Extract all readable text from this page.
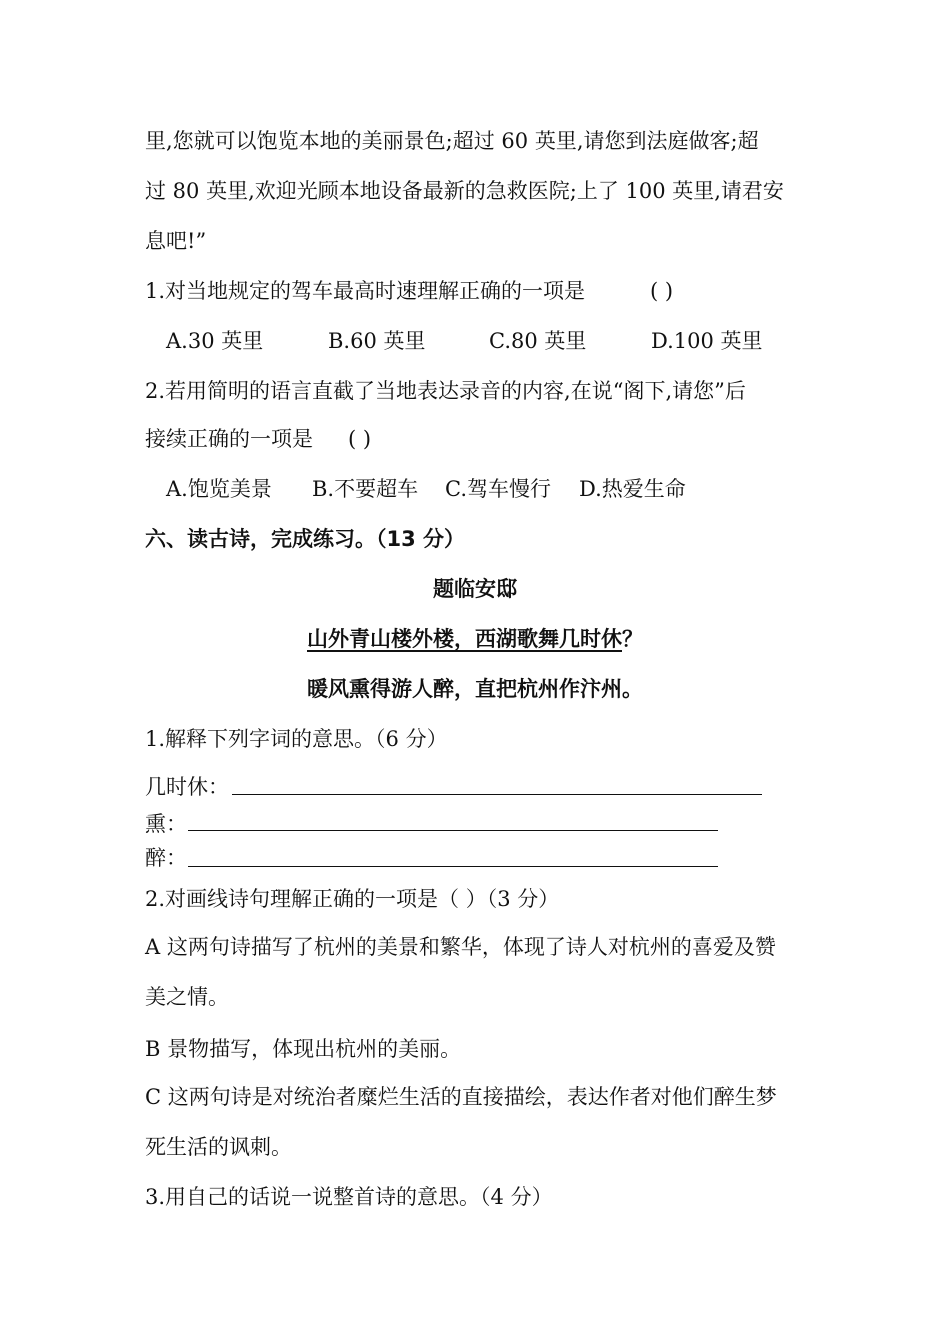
里,您就可以饱览本地的美丽景色;超过 60 英里,请您到法庭做客;超
过 80 英里,欢迎光顾本地设备最新的急救医院;上了 100 英里,请君安
息吧!”
1.对当地规定的驾车最高时速理解正确的一项是	( )
A.30 英里	B.60 英里	C.80 英里	D.100 英里
2.若用简明的语言直截了当地表达录音的内容,在说“阁下,请您”后
接续正确的一项是 ( )
A.饱览美景 B.不要超车 C.驾车慢行 D.热爱生命
六、读古诗，完成练习。（13 分）
题临安邸
山外青山楼外楼，西湖歌舞几时休？
暖风熏得游人醉，直把杭州作汴州。
1.解释下列字词的意思。（6 分）
几时休：
熏：
醉：
2.对画线诗句理解正确的一项是（ ）（3 分）
A 这两句诗描写了杭州的美景和繁华，体现了诗人对杭州的喜爱及赞
美之情。
B 景物描写，体现出杭州的美丽。
C 这两句诗是对统治者糜烂生活的直接描绘，表达作者对他们醉生梦
死生活的讽刺。
3.用自己的话说一说整首诗的意思。（4 分）
